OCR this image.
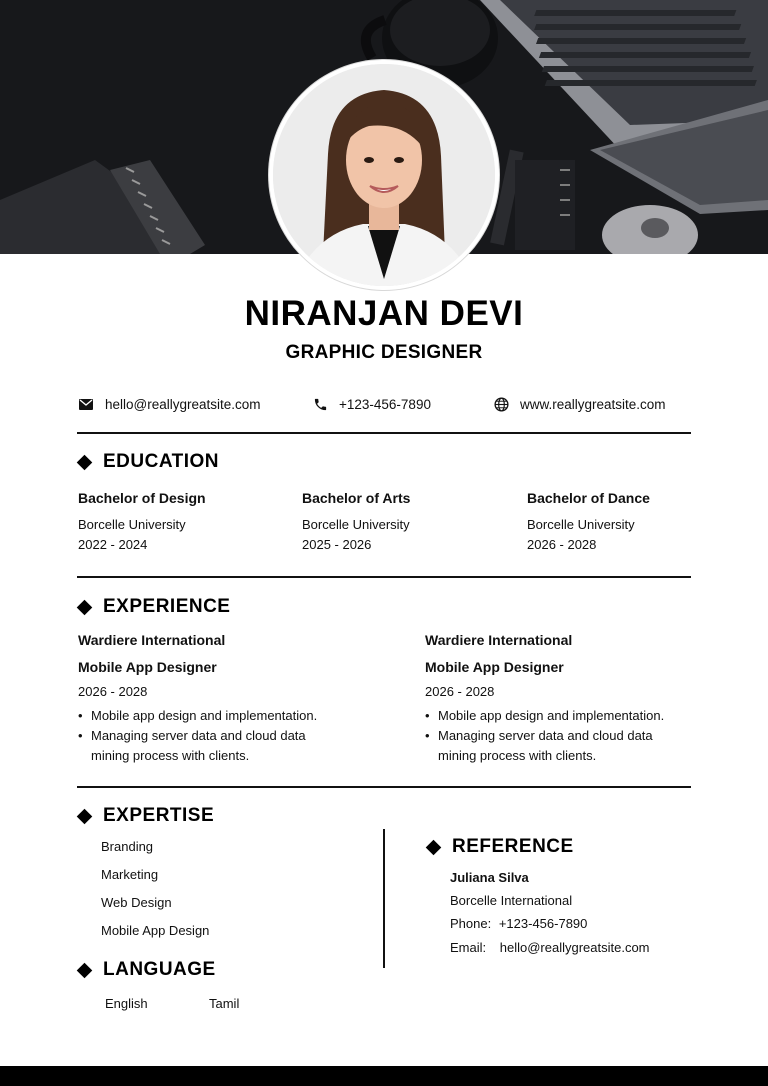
NIRANJAN DEVI
GRAPHIC DESIGNER
hello@reallygreatsite.com	+123-456-7890	www.reallygreatsite.com
EDUCATION
Bachelor of Design
Borcelle University
2022 - 2024
Bachelor of Arts
Borcelle University
2025 - 2026
Bachelor of Dance
Borcelle University
2026 - 2028
EXPERIENCE
Wardiere International
Mobile App Designer
2026 - 2028
• Mobile app design and implementation.
• Managing server data and cloud data mining process with clients.
Wardiere International
Mobile App Designer
2026 - 2028
• Mobile app design and implementation.
• Managing server data and cloud data mining process with clients.
EXPERTISE
Branding
Marketing
Web Design
Mobile App Design
LANGUAGE
English	Tamil
REFERENCE
Juliana Silva
Borcelle International
Phone: +123-456-7890
Email: hello@reallygreatsite.com
